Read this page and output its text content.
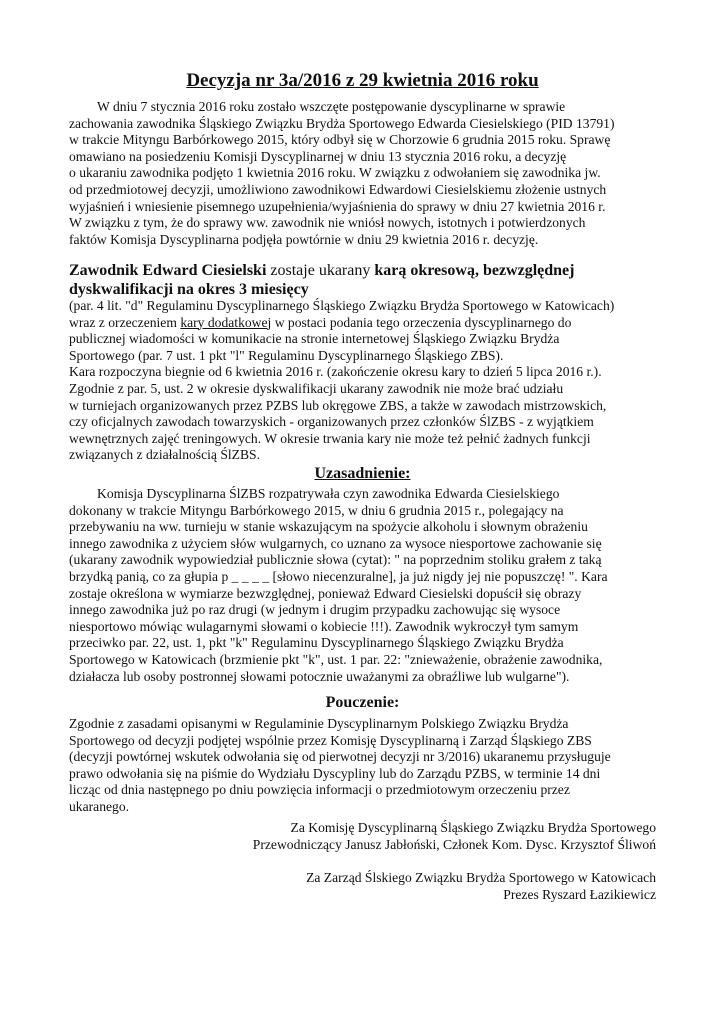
Decyzja nr 3a/2016 z 29 kwietnia 2016 roku
W dniu 7 stycznia 2016 roku zostało wszczęte postępowanie dyscyplinarne w sprawie
zachowania zawodnika Śląskiego Związku Brydża Sportowego Edwarda Ciesielskiego (PID 13791)
w trakcie Mityngu Barbórkowego 2015, który odbył się w Chorzowie 6 grudnia 2015 roku. Sprawę
omawiano na posiedzeniu Komisji Dyscyplinarnej w dniu 13 stycznia 2016 roku, a decyzję
o ukaraniu zawodnika podjęto 1 kwietnia 2016 roku. W związku z odwołaniem się zawodnika jw.
od przedmiotowej decyzji, umożliwiono zawodnikowi Edwardowi Ciesielskiemu złożenie ustnych
wyjaśnień i wniesienie pisemnego uzupełnienia/wyjaśnienia do sprawy w dniu 27 kwietnia 2016 r.
W związku z tym, że do sprawy ww. zawodnik nie wniósł nowych, istotnych i potwierdzonych
faktów Komisja Dyscyplinarna podjęła powtórnie w dniu 29 kwietnia 2016 r. decyzję.
Zawodnik Edward Ciesielski zostaje ukarany karą okresową, bezwzględnej
dyskwalifikacji na okres 3 miesięcy
(par. 4 lit. "d" Regulaminu Dyscyplinarnego Śląskiego Związku Brydża Sportowego w Katowicach)
wraz z orzeczeniem kary dodatkowej w postaci podania tego orzeczenia dyscyplinarnego do
publicznej wiadomości w komunikacie na stronie internetowej Śląskiego Związku Brydża
Sportowego (par. 7 ust. 1 pkt "l" Regulaminu Dyscyplinarnego Śląskiego ZBS).
Kara rozpoczyna biegnie od 6 kwietnia 2016 r. (zakończenie okresu kary to dzień 5 lipca 2016 r.).
Zgodnie z par. 5, ust. 2 w okresie dyskwalifikacji ukarany zawodnik nie może brać udziału
w turniejach organizowanych przez PZBS lub okręgowe ZBS, a także w zawodach mistrzowskich,
czy oficjalnych zawodach towarzyskich - organizowanych przez członków ŚlZBS - z wyjątkiem
wewnętrznych zajęć treningowych. W okresie trwania kary nie może też pełnić żadnych funkcji
związanych z działalnością ŚlZBS.
Uzasadnienie:
Komisja Dyscyplinarna ŚlZBS rozpatrywała czyn zawodnika Edwarda Ciesielskiego
dokonany w trakcie Mityngu Barbórkowego 2015, w dniu 6 grudnia 2015 r., polegający na
przebywaniu na ww. turnieju w stanie wskazującym na spożycie alkoholu i słownym obrażeniu
innego zawodnika z użyciem słów wulgarnych, co uznano za wysoce niesportowe zachowanie się
(ukarany zawodnik wypowiedział publicznie słowa (cytat): " na poprzednim stoliku grałem z taką
brzydką panią, co za głupia p _ _ _ _ [słowo niecenzuralne], ja już nigdy jej nie popuszczę! ". Kara
zostaje określona w wymiarze bezwzględnej, ponieważ Edward Ciesielski dopuścił się obrazy
innego zawodnika już po raz drugi (w jednym i drugim przypadku zachowując się wysoce
niesportowo mówiąc wulagarnymi słowami o kobiecie !!!). Zawodnik wykroczył tym samym
przeciwko par. 22, ust. 1, pkt "k" Regulaminu Dyscyplinarnego Śląskiego Związku Brydża
Sportowego w Katowicach (brzmienie pkt "k", ust. 1 par. 22: "znieważenie, obrażenie zawodnika,
działacza lub osoby postronnej słowami potocznie uważanymi za obraźliwe lub wulgarne").
Pouczenie:
Zgodnie z zasadami opisanymi w Regulaminie Dyscyplinarnym Polskiego Związku Brydża
Sportowego od decyzji podjętej wspólnie przez Komisję Dyscyplinarną i Zarząd Śląskiego ZBS
(decyzji powtórnej wskutek odwołania się od pierwotnej decyzji nr 3/2016) ukaranemu przysługuje
prawo odwołania się na piśmie do Wydziału Dyscypliny lub do Zarządu PZBS, w terminie 14 dni
licząc od dnia następnego po dniu powzięcia informacji o przedmiotowym orzeczeniu przez
ukaranego.
Za Komisję Dyscyplinarną Śląskiego Związku Brydża Sportowego
Przewodniczący Janusz Jabłoński, Członek Kom. Dysc. Krzysztof Śliwoń
Za Zarząd Ślskiego Związku Brydża Sportowego w Katowicach
Prezes Ryszard Łazikiewicz
